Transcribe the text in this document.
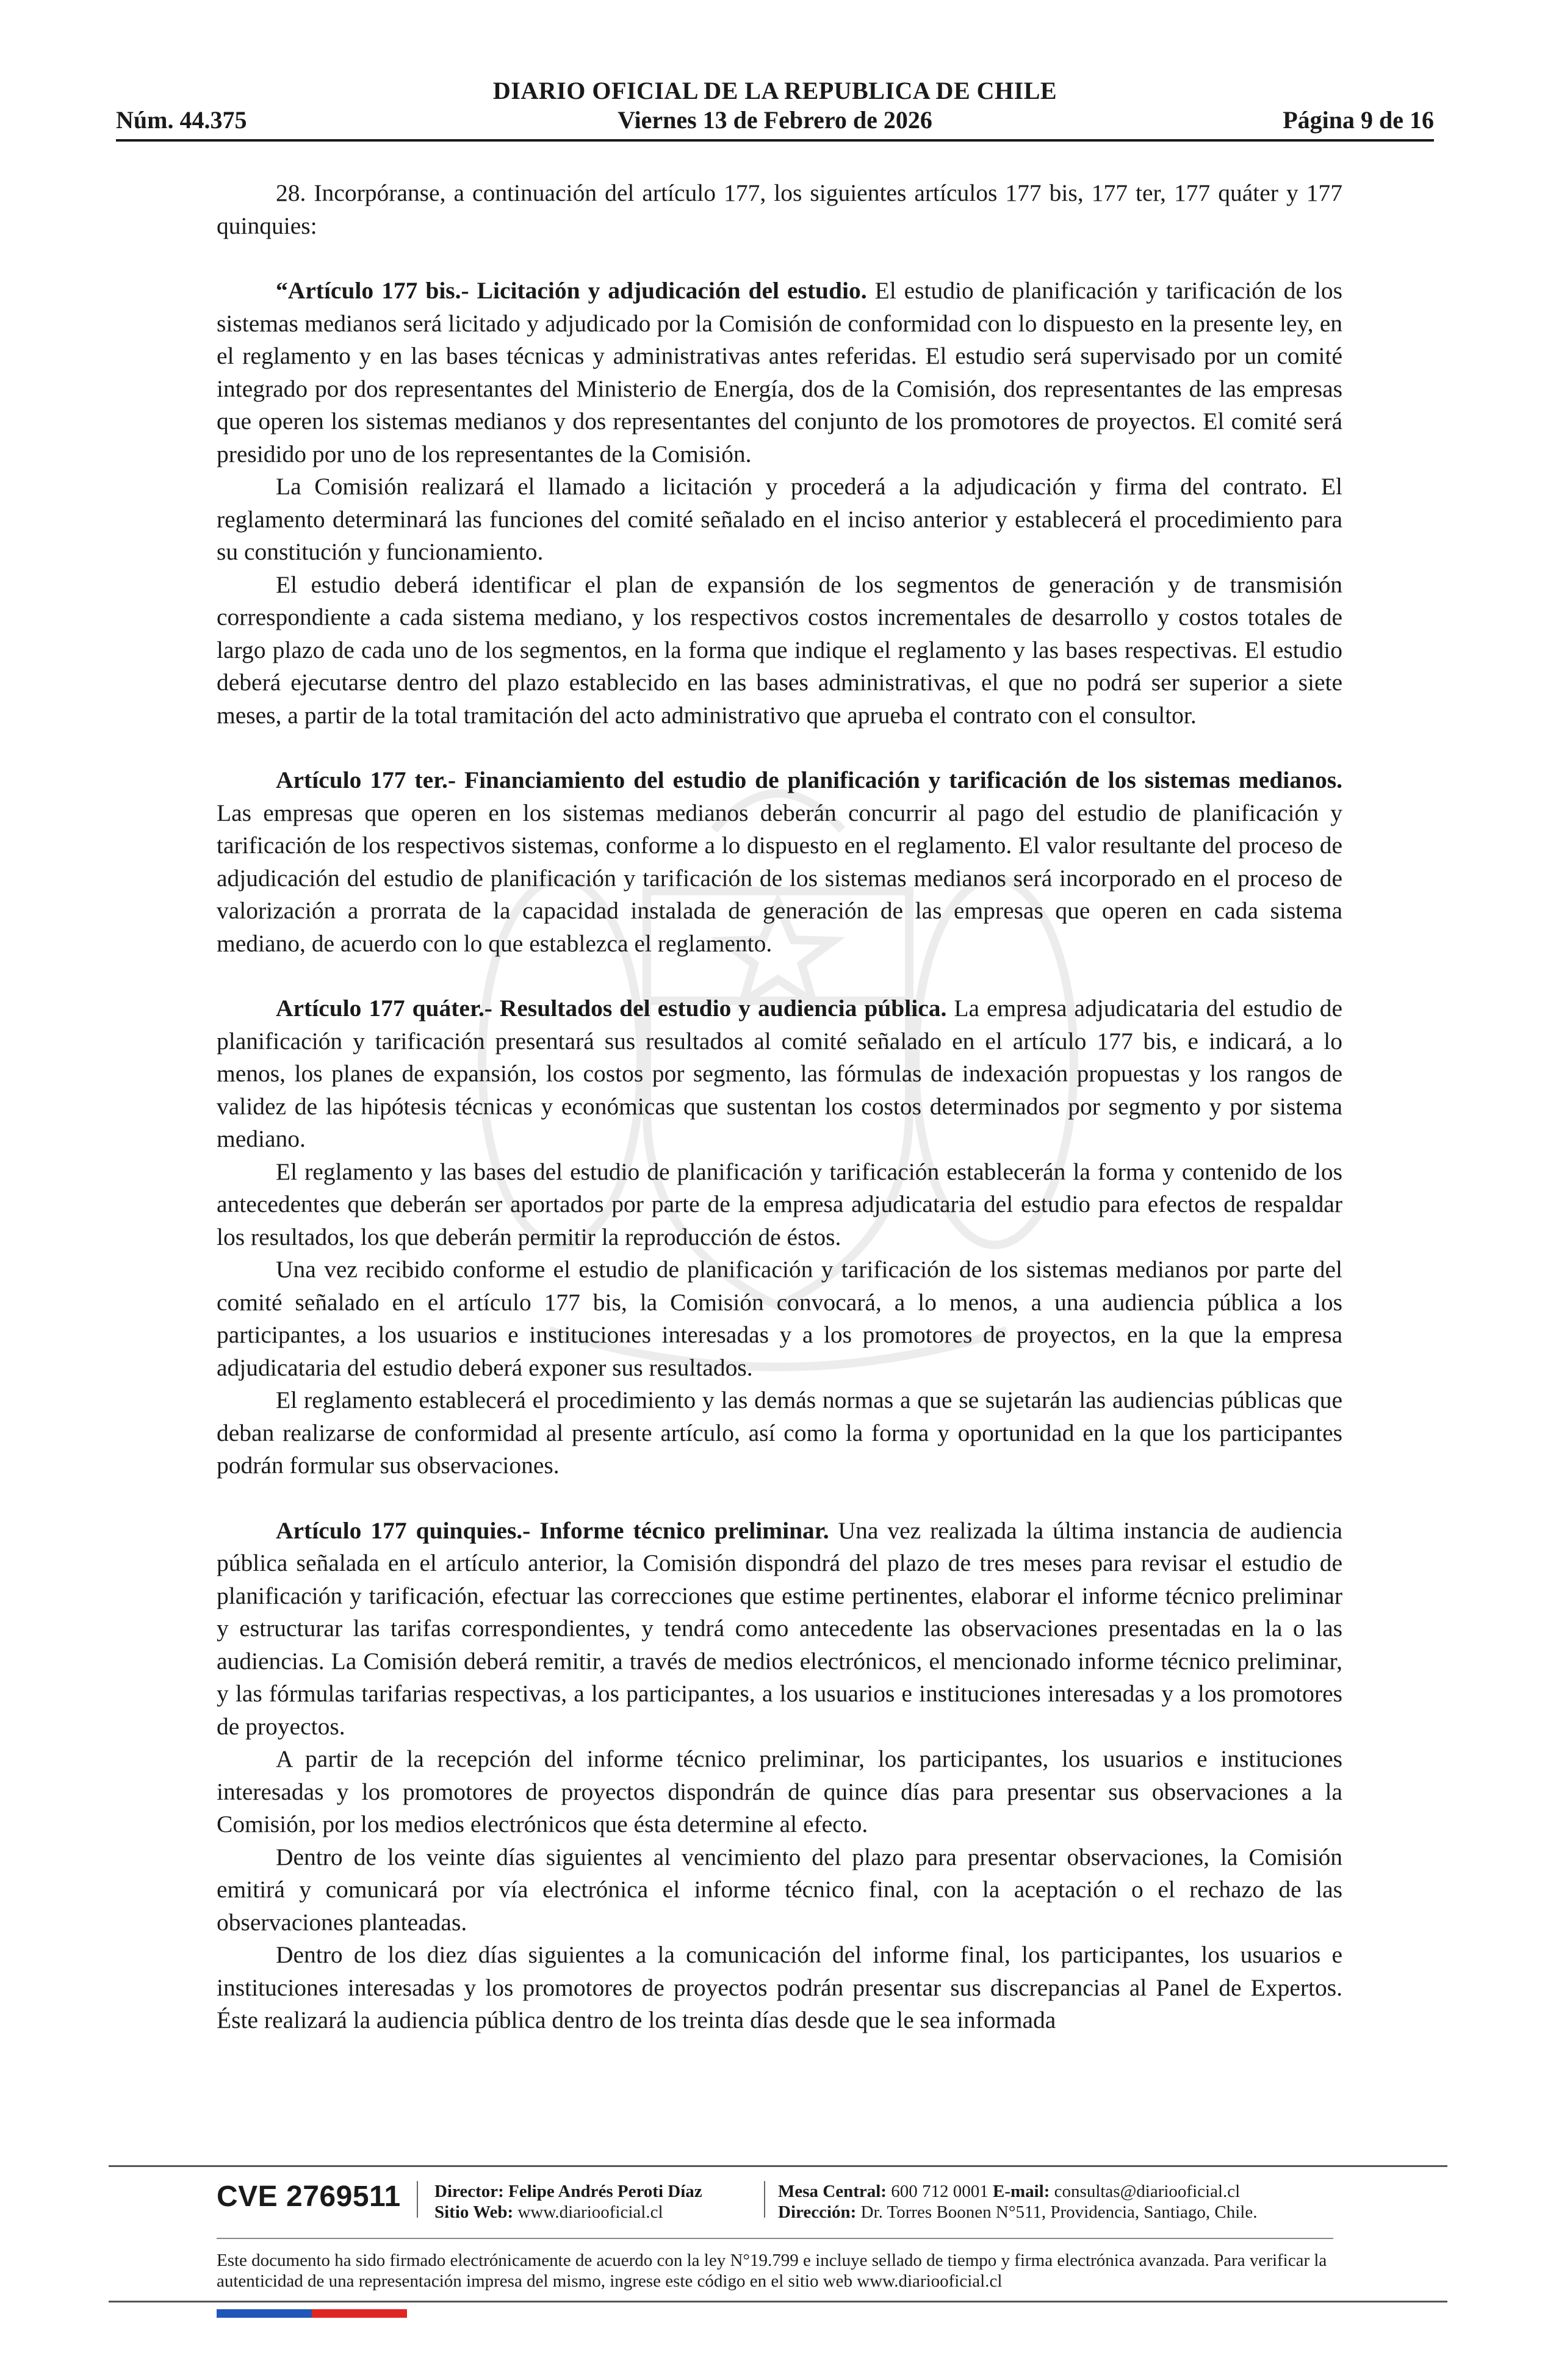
DIARIO OFICIAL DE LA REPUBLICA DE CHILE
Núm. 44.375	Viernes 13 de Febrero de 2026	Página 9 de 16

28. Incorpóranse, a continuación del artículo 177, los siguientes artículos 177 bis, 177 ter, 177 quáter y 177 quinquies:

“Artículo 177 bis.- Licitación y adjudicación del estudio. El estudio de planificación y tarificación de los sistemas medianos será licitado y adjudicado por la Comisión de conformidad con lo dispuesto en la presente ley, en el reglamento y en las bases técnicas y administrativas antes referidas. El estudio será supervisado por un comité integrado por dos representantes del Ministerio de Energía, dos de la Comisión, dos representantes de las empresas que operen los sistemas medianos y dos representantes del conjunto de los promotores de proyectos. El comité será presidido por uno de los representantes de la Comisión.

La Comisión realizará el llamado a licitación y procederá a la adjudicación y firma del contrato. El reglamento determinará las funciones del comité señalado en el inciso anterior y establecerá el procedimiento para su constitución y funcionamiento.

El estudio deberá identificar el plan de expansión de los segmentos de generación y de transmisión correspondiente a cada sistema mediano, y los respectivos costos incrementales de desarrollo y costos totales de largo plazo de cada uno de los segmentos, en la forma que indique el reglamento y las bases respectivas. El estudio deberá ejecutarse dentro del plazo establecido en las bases administrativas, el que no podrá ser superior a siete meses, a partir de la total tramitación del acto administrativo que aprueba el contrato con el consultor.

Artículo 177 ter.- Financiamiento del estudio de planificación y tarificación de los sistemas medianos. Las empresas que operen en los sistemas medianos deberán concurrir al pago del estudio de planificación y tarificación de los respectivos sistemas, conforme a lo dispuesto en el reglamento. El valor resultante del proceso de adjudicación del estudio de planificación y tarificación de los sistemas medianos será incorporado en el proceso de valorización a prorrata de la capacidad instalada de generación de las empresas que operen en cada sistema mediano, de acuerdo con lo que establezca el reglamento.

Artículo 177 quáter.- Resultados del estudio y audiencia pública. La empresa adjudicataria del estudio de planificación y tarificación presentará sus resultados al comité señalado en el artículo 177 bis, e indicará, a lo menos, los planes de expansión, los costos por segmento, las fórmulas de indexación propuestas y los rangos de validez de las hipótesis técnicas y económicas que sustentan los costos determinados por segmento y por sistema mediano.

El reglamento y las bases del estudio de planificación y tarificación establecerán la forma y contenido de los antecedentes que deberán ser aportados por parte de la empresa adjudicataria del estudio para efectos de respaldar los resultados, los que deberán permitir la reproducción de éstos.

Una vez recibido conforme el estudio de planificación y tarificación de los sistemas medianos por parte del comité señalado en el artículo 177 bis, la Comisión convocará, a lo menos, a una audiencia pública a los participantes, a los usuarios e instituciones interesadas y a los promotores de proyectos, en la que la empresa adjudicataria del estudio deberá exponer sus resultados.

El reglamento establecerá el procedimiento y las demás normas a que se sujetarán las audiencias públicas que deban realizarse de conformidad al presente artículo, así como la forma y oportunidad en la que los participantes podrán formular sus observaciones.

Artículo 177 quinquies.- Informe técnico preliminar. Una vez realizada la última instancia de audiencia pública señalada en el artículo anterior, la Comisión dispondrá del plazo de tres meses para revisar el estudio de planificación y tarificación, efectuar las correcciones que estime pertinentes, elaborar el informe técnico preliminar y estructurar las tarifas correspondientes, y tendrá como antecedente las observaciones presentadas en la o las audiencias. La Comisión deberá remitir, a través de medios electrónicos, el mencionado informe técnico preliminar, y las fórmulas tarifarias respectivas, a los participantes, a los usuarios e instituciones interesadas y a los promotores de proyectos.

A partir de la recepción del informe técnico preliminar, los participantes, los usuarios e instituciones interesadas y los promotores de proyectos dispondrán de quince días para presentar sus observaciones a la Comisión, por los medios electrónicos que ésta determine al efecto.

Dentro de los veinte días siguientes al vencimiento del plazo para presentar observaciones, la Comisión emitirá y comunicará por vía electrónica el informe técnico final, con la aceptación o el rechazo de las observaciones planteadas.

Dentro de los diez días siguientes a la comunicación del informe final, los participantes, los usuarios e instituciones interesadas y los promotores de proyectos podrán presentar sus discrepancias al Panel de Expertos. Éste realizará la audiencia pública dentro de los treinta días desde que le sea informada

CVE 2769511 Director: Felipe Andrés Peroti Díaz
Sitio Web: www.diariooficial.cl
Mesa Central: 600 712 0001 E-mail: consultas@diariooficial.cl
Dirección: Dr. Torres Boonen N°511, Providencia, Santiago, Chile.
Este documento ha sido firmado electrónicamente de acuerdo con la ley N°19.799 e incluye sellado de tiempo y firma electrónica avanzada. Para verificar la autenticidad de una representación impresa del mismo, ingrese este código en el sitio web www.diariooficial.cl
